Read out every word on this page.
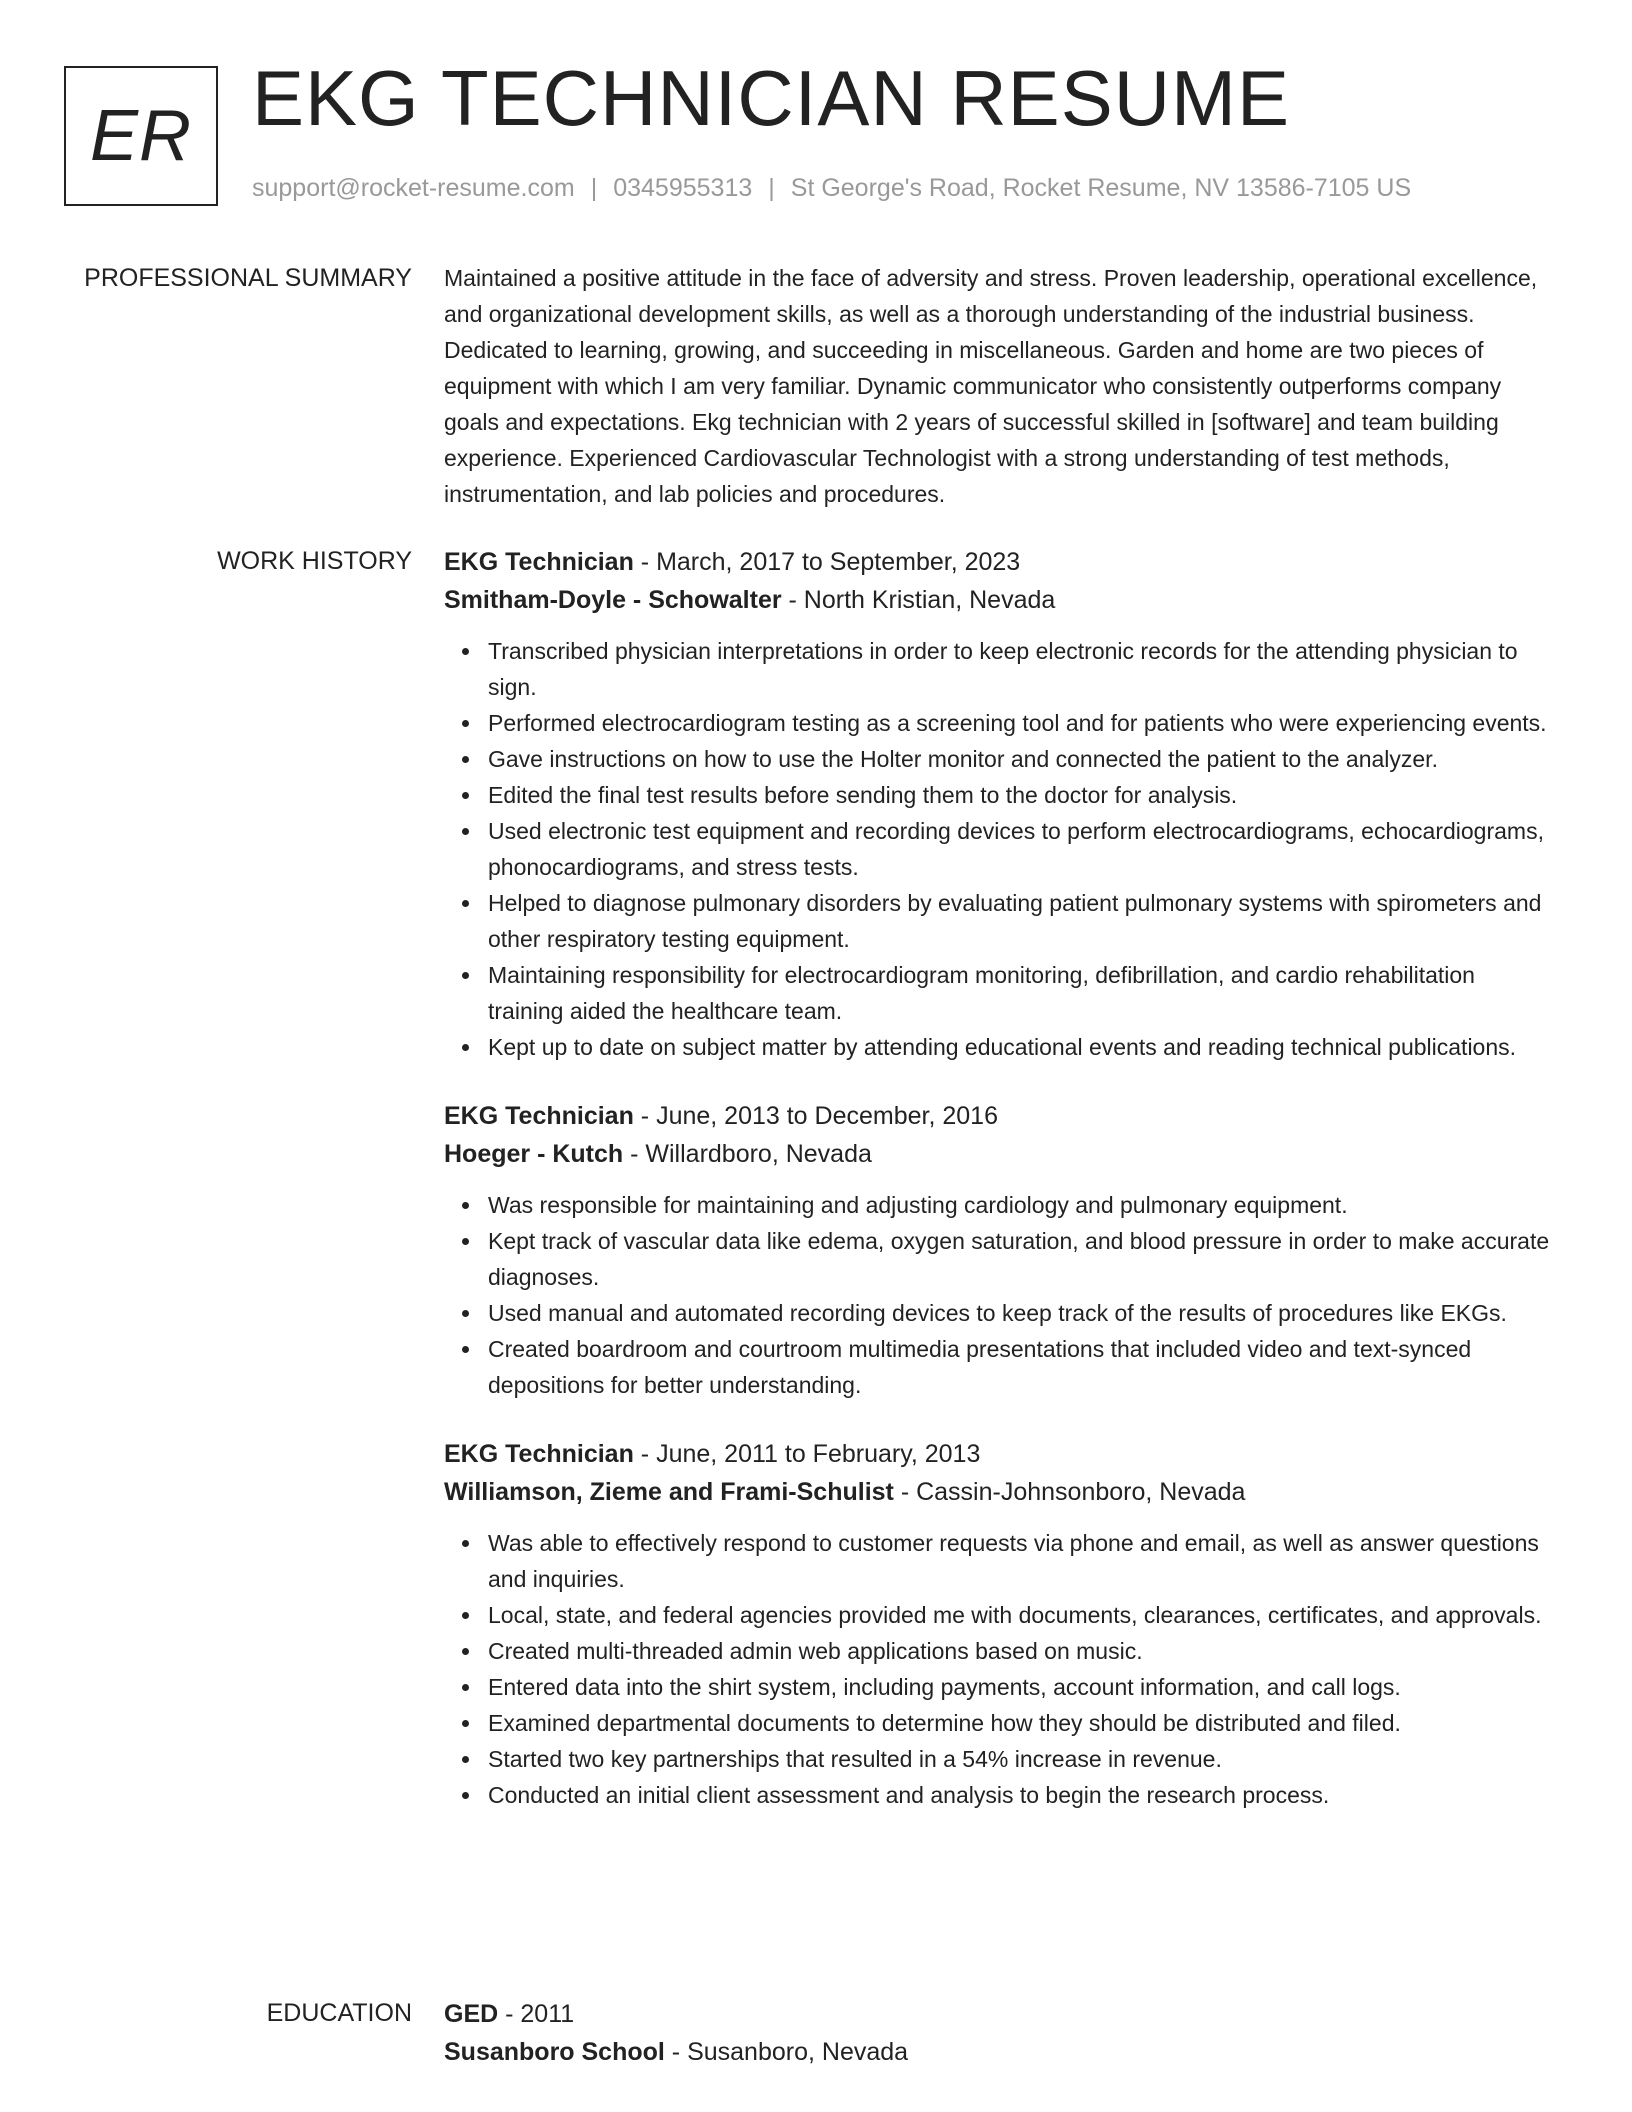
ER EKG TECHNICIAN RESUME
support@rocket-resume.com | 0345955313 | St George's Road, Rocket Resume, NV 13586-7105 US
PROFESSIONAL SUMMARY Maintained a positive attitude in the face of adversity and stress. Proven leadership, operational excellence, and organizational development skills, as well as a thorough understanding of the industrial business. Dedicated to learning, growing, and succeeding in miscellaneous. Garden and home are two pieces of equipment with which I am very familiar. Dynamic communicator who consistently outperforms company goals and expectations. Ekg technician with 2 years of successful skilled in [software] and team building experience. Experienced Cardiovascular Technologist with a strong understanding of test methods, instrumentation, and lab policies and procedures.

WORK HISTORY EKG Technician - March, 2017 to September, 2023
Smitham-Doyle - Schowalter - North Kristian, Nevada
Transcribed physician interpretations in order to keep electronic records for the attending physician to sign.
Performed electrocardiogram testing as a screening tool and for patients who were experiencing events.
Gave instructions on how to use the Holter monitor and connected the patient to the analyzer.
Edited the final test results before sending them to the doctor for analysis.
Used electronic test equipment and recording devices to perform electrocardiograms, echocardiograms, phonocardiograms, and stress tests.
Helped to diagnose pulmonary disorders by evaluating patient pulmonary systems with spirometers and other respiratory testing equipment.
Maintaining responsibility for electrocardiogram monitoring, defibrillation, and cardio rehabilitation training aided the healthcare team.
Kept up to date on subject matter by attending educational events and reading technical publications.
EKG Technician - June, 2013 to December, 2016
Hoeger - Kutch - Willardboro, Nevada
Was responsible for maintaining and adjusting cardiology and pulmonary equipment.
Kept track of vascular data like edema, oxygen saturation, and blood pressure in order to make accurate diagnoses.
Used manual and automated recording devices to keep track of the results of procedures like EKGs.
Created boardroom and courtroom multimedia presentations that included video and text-synced depositions for better understanding.
EKG Technician - June, 2011 to February, 2013
Williamson, Zieme and Frami-Schulist - Cassin-Johnsonboro, Nevada
Was able to effectively respond to customer requests via phone and email, as well as answer questions and inquiries.
Local, state, and federal agencies provided me with documents, clearances, certificates, and approvals.
Created multi-threaded admin web applications based on music.
Entered data into the shirt system, including payments, account information, and call logs.
Examined departmental documents to determine how they should be distributed and filed.
Started two key partnerships that resulted in a 54% increase in revenue.
Conducted an initial client assessment and analysis to begin the research process.
EDUCATION GED - 2011
Susanboro School - Susanboro, Nevada
